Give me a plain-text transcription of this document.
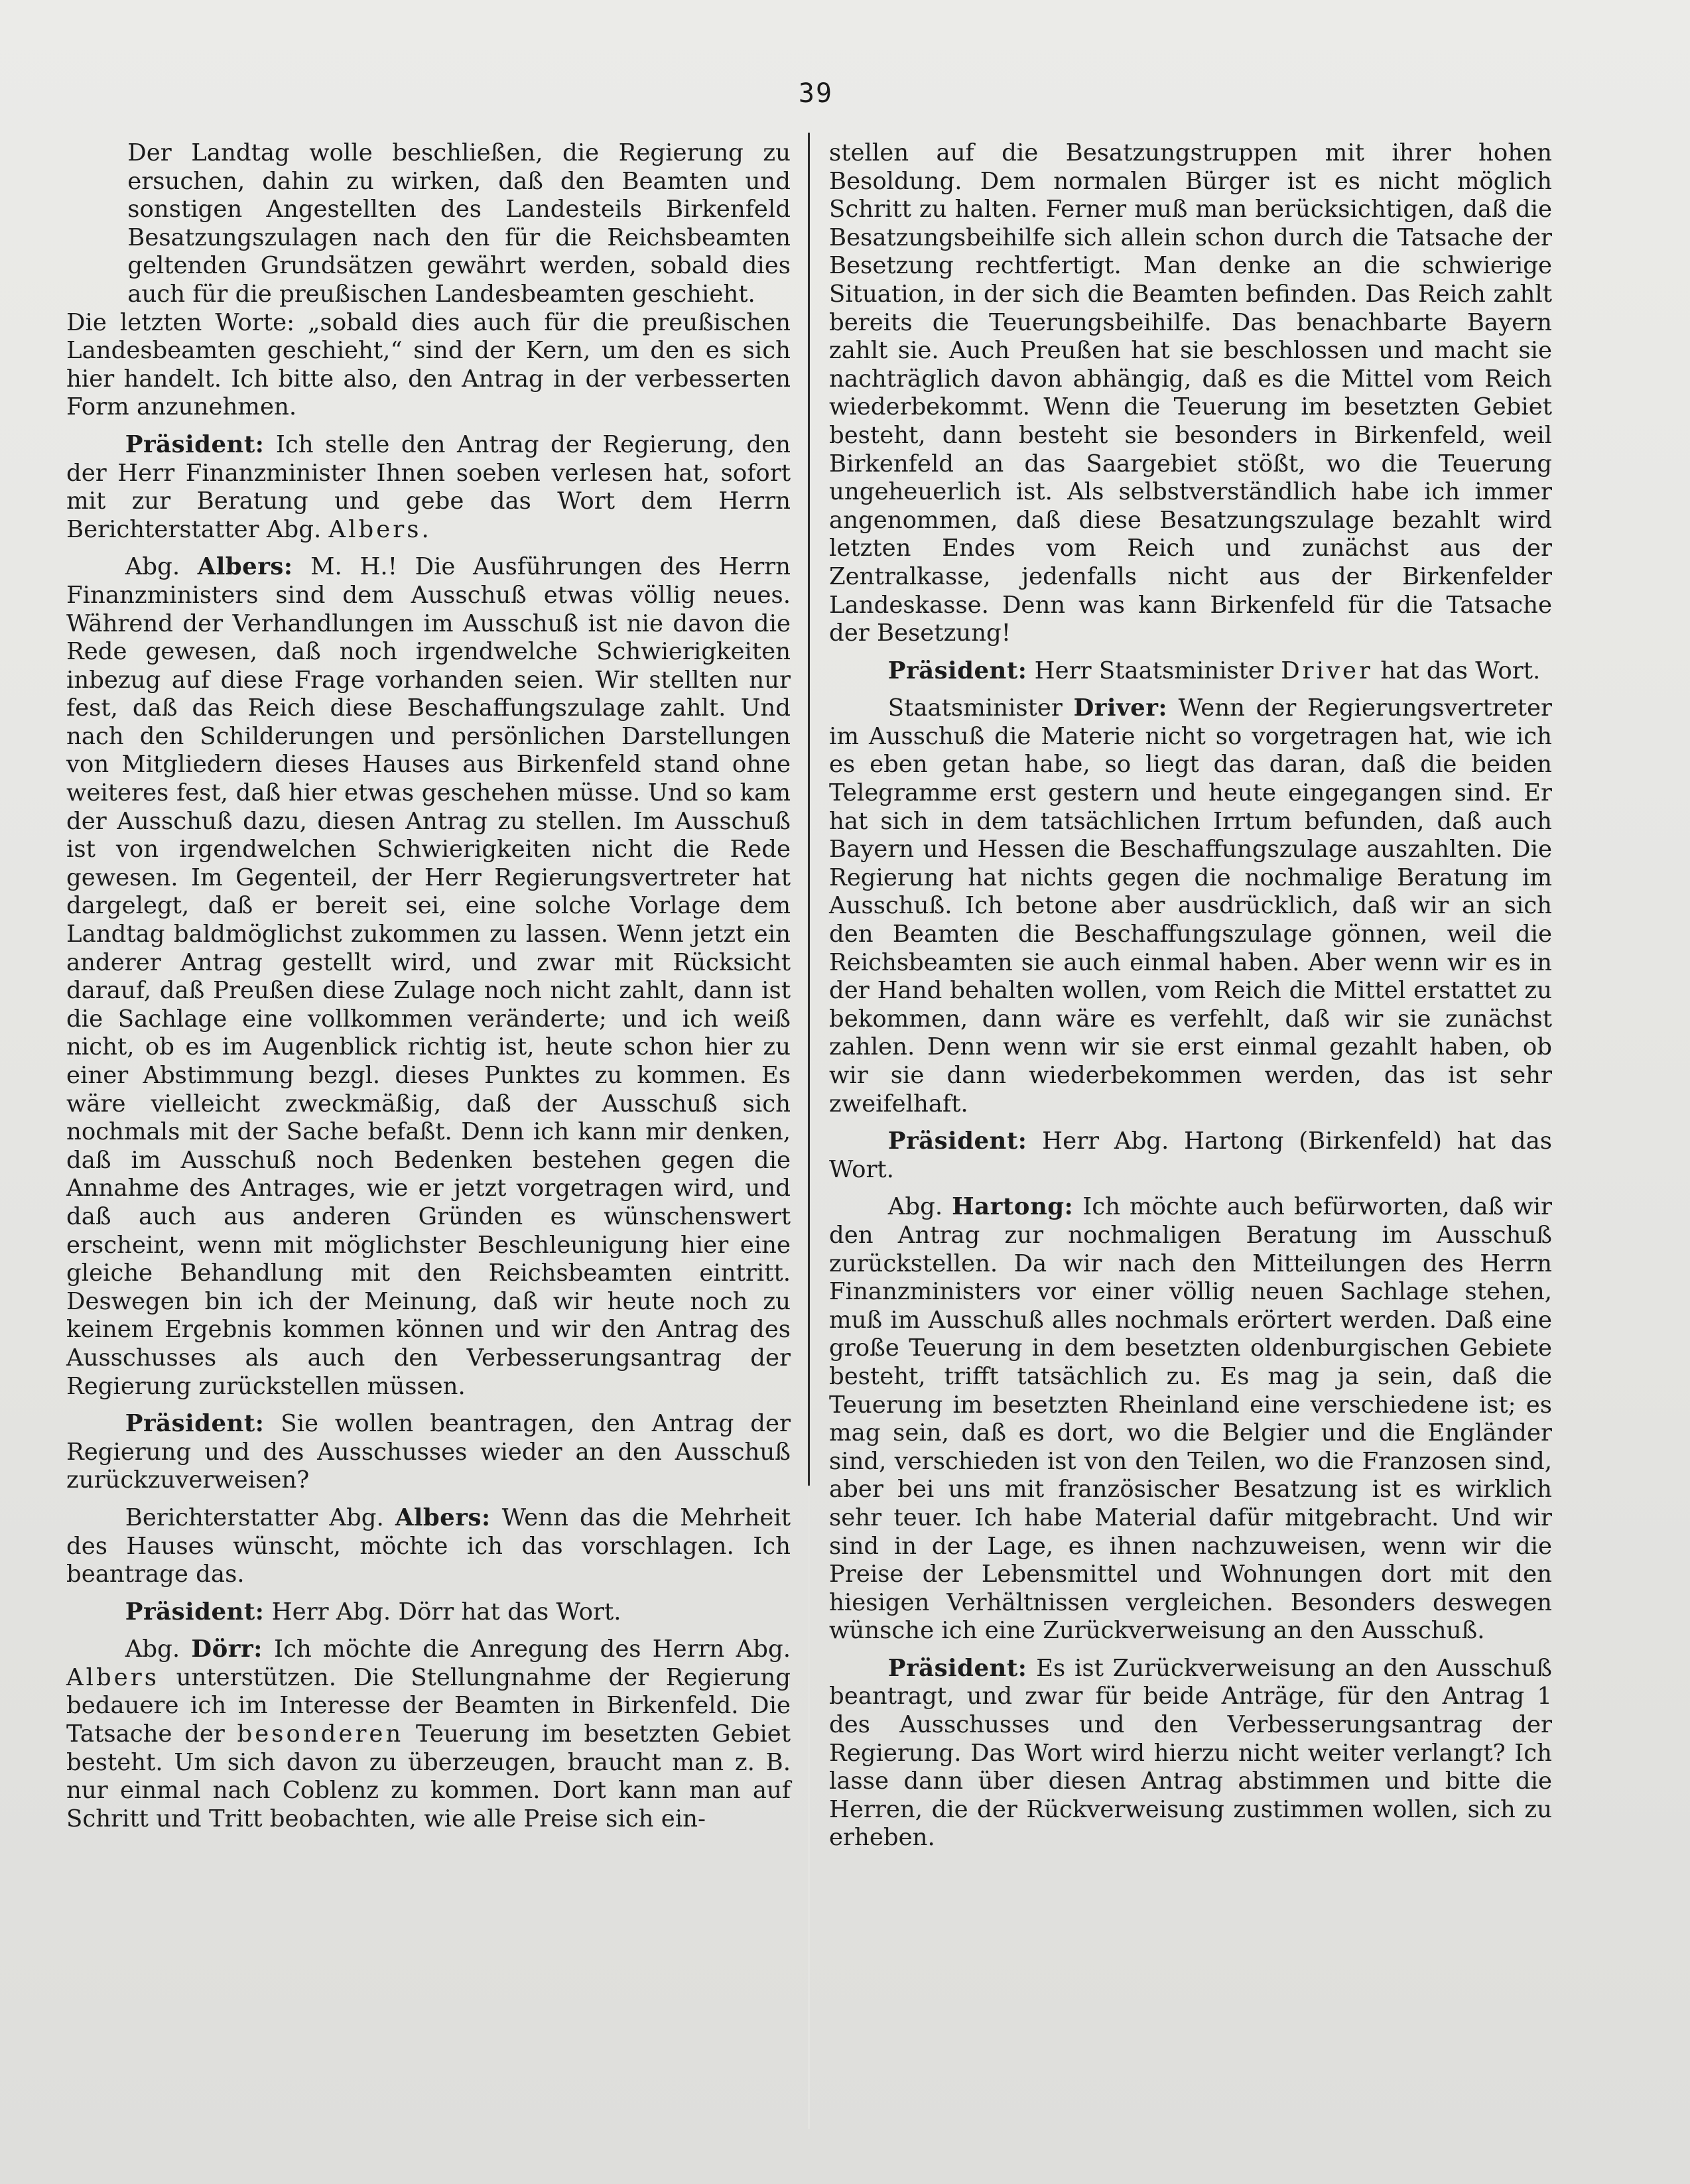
39

Der Landtag wolle beschließen, die Regierung zu ersuchen, dahin zu wirken, daß den Beamten und sonstigen Angestellten des Landesteils Birkenfeld Besatzungszulagen nach den für die Reichsbeamten geltenden Grundsätzen gewährt werden, sobald dies auch für die preußischen Landesbeamten geschieht.

Die letzten Worte: „sobald dies auch für die preußischen Landesbeamten geschieht,“ sind der Kern, um den es sich hier handelt. Ich bitte also, den Antrag in der verbesserten Form anzunehmen.

Präsident: Ich stelle den Antrag der Regierung, den der Herr Finanzminister Ihnen soeben verlesen hat, sofort mit zur Beratung und gebe das Wort dem Herrn Berichterstatter Abg. Albers.

Abg. Albers: M. H.! Die Ausführungen des Herrn Finanzministers sind dem Ausschuß etwas völlig neues. Während der Verhandlungen im Ausschuß ist nie davon die Rede gewesen, daß noch irgendwelche Schwierigkeiten inbezug auf diese Frage vorhanden seien. Wir stellten nur fest, daß das Reich diese Beschaffungszulage zahlt. Und nach den Schilderungen und persönlichen Darstellungen von Mitgliedern dieses Hauses aus Birkenfeld stand ohne weiteres fest, daß hier etwas geschehen müsse. Und so kam der Ausschuß dazu, diesen Antrag zu stellen. Im Ausschuß ist von irgendwelchen Schwierigkeiten nicht die Rede gewesen. Im Gegenteil, der Herr Regierungsvertreter hat dargelegt, daß er bereit sei, eine solche Vorlage dem Landtag baldmöglichst zukommen zu lassen. Wenn jetzt ein anderer Antrag gestellt wird, und zwar mit Rücksicht darauf, daß Preußen diese Zulage noch nicht zahlt, dann ist die Sachlage eine vollkommen veränderte; und ich weiß nicht, ob es im Augenblick richtig ist, heute schon hier zu einer Abstimmung bezgl. dieses Punktes zu kommen. Es wäre vielleicht zweckmäßig, daß der Ausschuß sich nochmals mit der Sache befaßt. Denn ich kann mir denken, daß im Ausschuß noch Bedenken bestehen gegen die Annahme des Antrages, wie er jetzt vorgetragen wird, und daß auch aus anderen Gründen es wünschenswert erscheint, wenn mit möglichster Beschleunigung hier eine gleiche Behandlung mit den Reichsbeamten eintritt. Deswegen bin ich der Meinung, daß wir heute noch zu keinem Ergebnis kommen können und wir den Antrag des Ausschusses als auch den Verbesserungsantrag der Regierung zurückstellen müssen.

Präsident: Sie wollen beantragen, den Antrag der Regierung und des Ausschusses wieder an den Ausschuß zurückzuverweisen?

Berichterstatter Abg. Albers: Wenn das die Mehrheit des Hauses wünscht, möchte ich das vorschlagen. Ich beantrage das.

Präsident: Herr Abg. Dörr hat das Wort.

Abg. Dörr: Ich möchte die Anregung des Herrn Abg. Albers unterstützen. Die Stellungnahme der Regierung bedauere ich im Interesse der Beamten in Birkenfeld. Die Tatsache der besonderen Teuerung im besetzten Gebiet besteht. Um sich davon zu überzeugen, braucht man z. B. nur einmal nach Coblenz zu kommen. Dort kann man auf Schritt und Tritt beobachten, wie alle Preise sich ein-

stellen auf die Besatzungstruppen mit ihrer hohen Besoldung. Dem normalen Bürger ist es nicht möglich Schritt zu halten. Ferner muß man berücksichtigen, daß die Besatzungsbeihilfe sich allein schon durch die Tatsache der Besetzung rechtfertigt. Man denke an die schwierige Situation, in der sich die Beamten befinden. Das Reich zahlt bereits die Teuerungsbeihilfe. Das benachbarte Bayern zahlt sie. Auch Preußen hat sie beschlossen und macht sie nachträglich davon abhängig, daß es die Mittel vom Reich wiederbekommt. Wenn die Teuerung im besetzten Gebiet besteht, dann besteht sie besonders in Birkenfeld, weil Birkenfeld an das Saargebiet stößt, wo die Teuerung ungeheuerlich ist. Als selbstverständlich habe ich immer angenommen, daß diese Besatzungszulage bezahlt wird letzten Endes vom Reich und zunächst aus der Zentralkasse, jedenfalls nicht aus der Birkenfelder Landeskasse. Denn was kann Birkenfeld für die Tatsache der Besetzung!

Präsident: Herr Staatsminister Driver hat das Wort.

Staatsminister Driver: Wenn der Regierungsvertreter im Ausschuß die Materie nicht so vorgetragen hat, wie ich es eben getan habe, so liegt das daran, daß die beiden Telegramme erst gestern und heute eingegangen sind. Er hat sich in dem tatsächlichen Irrtum befunden, daß auch Bayern und Hessen die Beschaffungszulage auszahlten. Die Regierung hat nichts gegen die nochmalige Beratung im Ausschuß. Ich betone aber ausdrücklich, daß wir an sich den Beamten die Beschaffungszulage gönnen, weil die Reichsbeamten sie auch einmal haben. Aber wenn wir es in der Hand behalten wollen, vom Reich die Mittel erstattet zu bekommen, dann wäre es verfehlt, daß wir sie zunächst zahlen. Denn wenn wir sie erst einmal gezahlt haben, ob wir sie dann wiederbekommen werden, das ist sehr zweifelhaft.

Präsident: Herr Abg. Hartong (Birkenfeld) hat das Wort.

Abg. Hartong: Ich möchte auch befürworten, daß wir den Antrag zur nochmaligen Beratung im Ausschuß zurückstellen. Da wir nach den Mitteilungen des Herrn Finanzministers vor einer völlig neuen Sachlage stehen, muß im Ausschuß alles nochmals erörtert werden. Daß eine große Teuerung in dem besetzten oldenburgischen Gebiete besteht, trifft tatsächlich zu. Es mag ja sein, daß die Teuerung im besetzten Rheinland eine verschiedene ist; es mag sein, daß es dort, wo die Belgier und die Engländer sind, verschieden ist von den Teilen, wo die Franzosen sind, aber bei uns mit französischer Besatzung ist es wirklich sehr teuer. Ich habe Material dafür mitgebracht. Und wir sind in der Lage, es ihnen nachzuweisen, wenn wir die Preise der Lebensmittel und Wohnungen dort mit den hiesigen Verhältnissen vergleichen. Besonders deswegen wünsche ich eine Zurückverweisung an den Ausschuß.

Präsident: Es ist Zurückverweisung an den Ausschuß beantragt, und zwar für beide Anträge, für den Antrag 1 des Ausschusses und den Verbesserungsantrag der Regierung. Das Wort wird hierzu nicht weiter verlangt? Ich lasse dann über diesen Antrag abstimmen und bitte die Herren, die der Rückverweisung zustimmen wollen, sich zu erheben.
